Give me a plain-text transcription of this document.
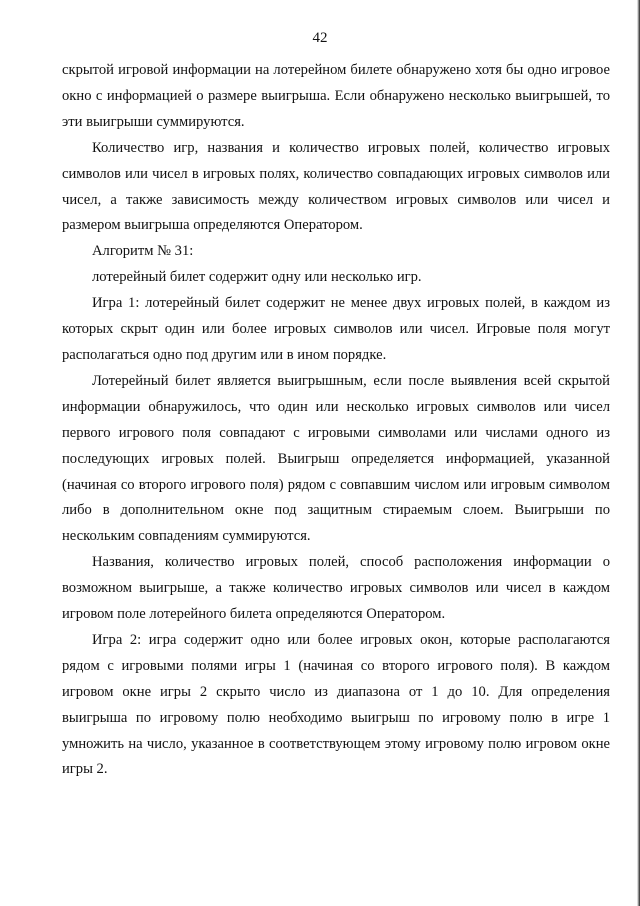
42

скрытой игровой информации на лотерейном билете обнаружено хотя бы одно игровое окно с информацией о размере выигрыша. Если обнаружено несколько выигрышей, то эти выигрыши суммируются.

Количество игр, названия и количество игровых полей, количество игровых символов или чисел в игровых полях, количество совпадающих игровых символов или чисел, а также зависимость между количеством игровых символов или чисел и размером выигрыша определяются Оператором.

Алгоритм № 31:

лотерейный билет содержит одну или несколько игр.

Игра 1: лотерейный билет содержит не менее двух игровых полей, в каждом из которых скрыт один или более игровых символов или чисел. Игровые поля могут располагаться одно под другим или в ином порядке.

Лотерейный билет является выигрышным, если после выявления всей скрытой информации обнаружилось, что один или несколько игровых символов или чисел первого игрового поля совпадают с игровыми символами или числами одного из последующих игровых полей. Выигрыш определяется информацией, указанной (начиная со второго игрового поля) рядом с совпавшим числом или игровым символом либо в дополнительном окне под защитным стираемым слоем. Выигрыши по нескольким совпадениям суммируются.

Названия, количество игровых полей, способ расположения информации о возможном выигрыше, а также количество игровых символов или чисел в каждом игровом поле лотерейного билета определяются Оператором.

Игра 2: игра содержит одно или более игровых окон, которые располагаются рядом с игровыми полями игры 1 (начиная со второго игрового поля). В каждом игровом окне игры 2 скрыто число из диапазона от 1 до 10. Для определения выигрыша по игровому полю необходимо выигрыш по игровому полю в игре 1 умножить на число, указанное в соответствующем этому игровому полю игровом окне игры 2.
